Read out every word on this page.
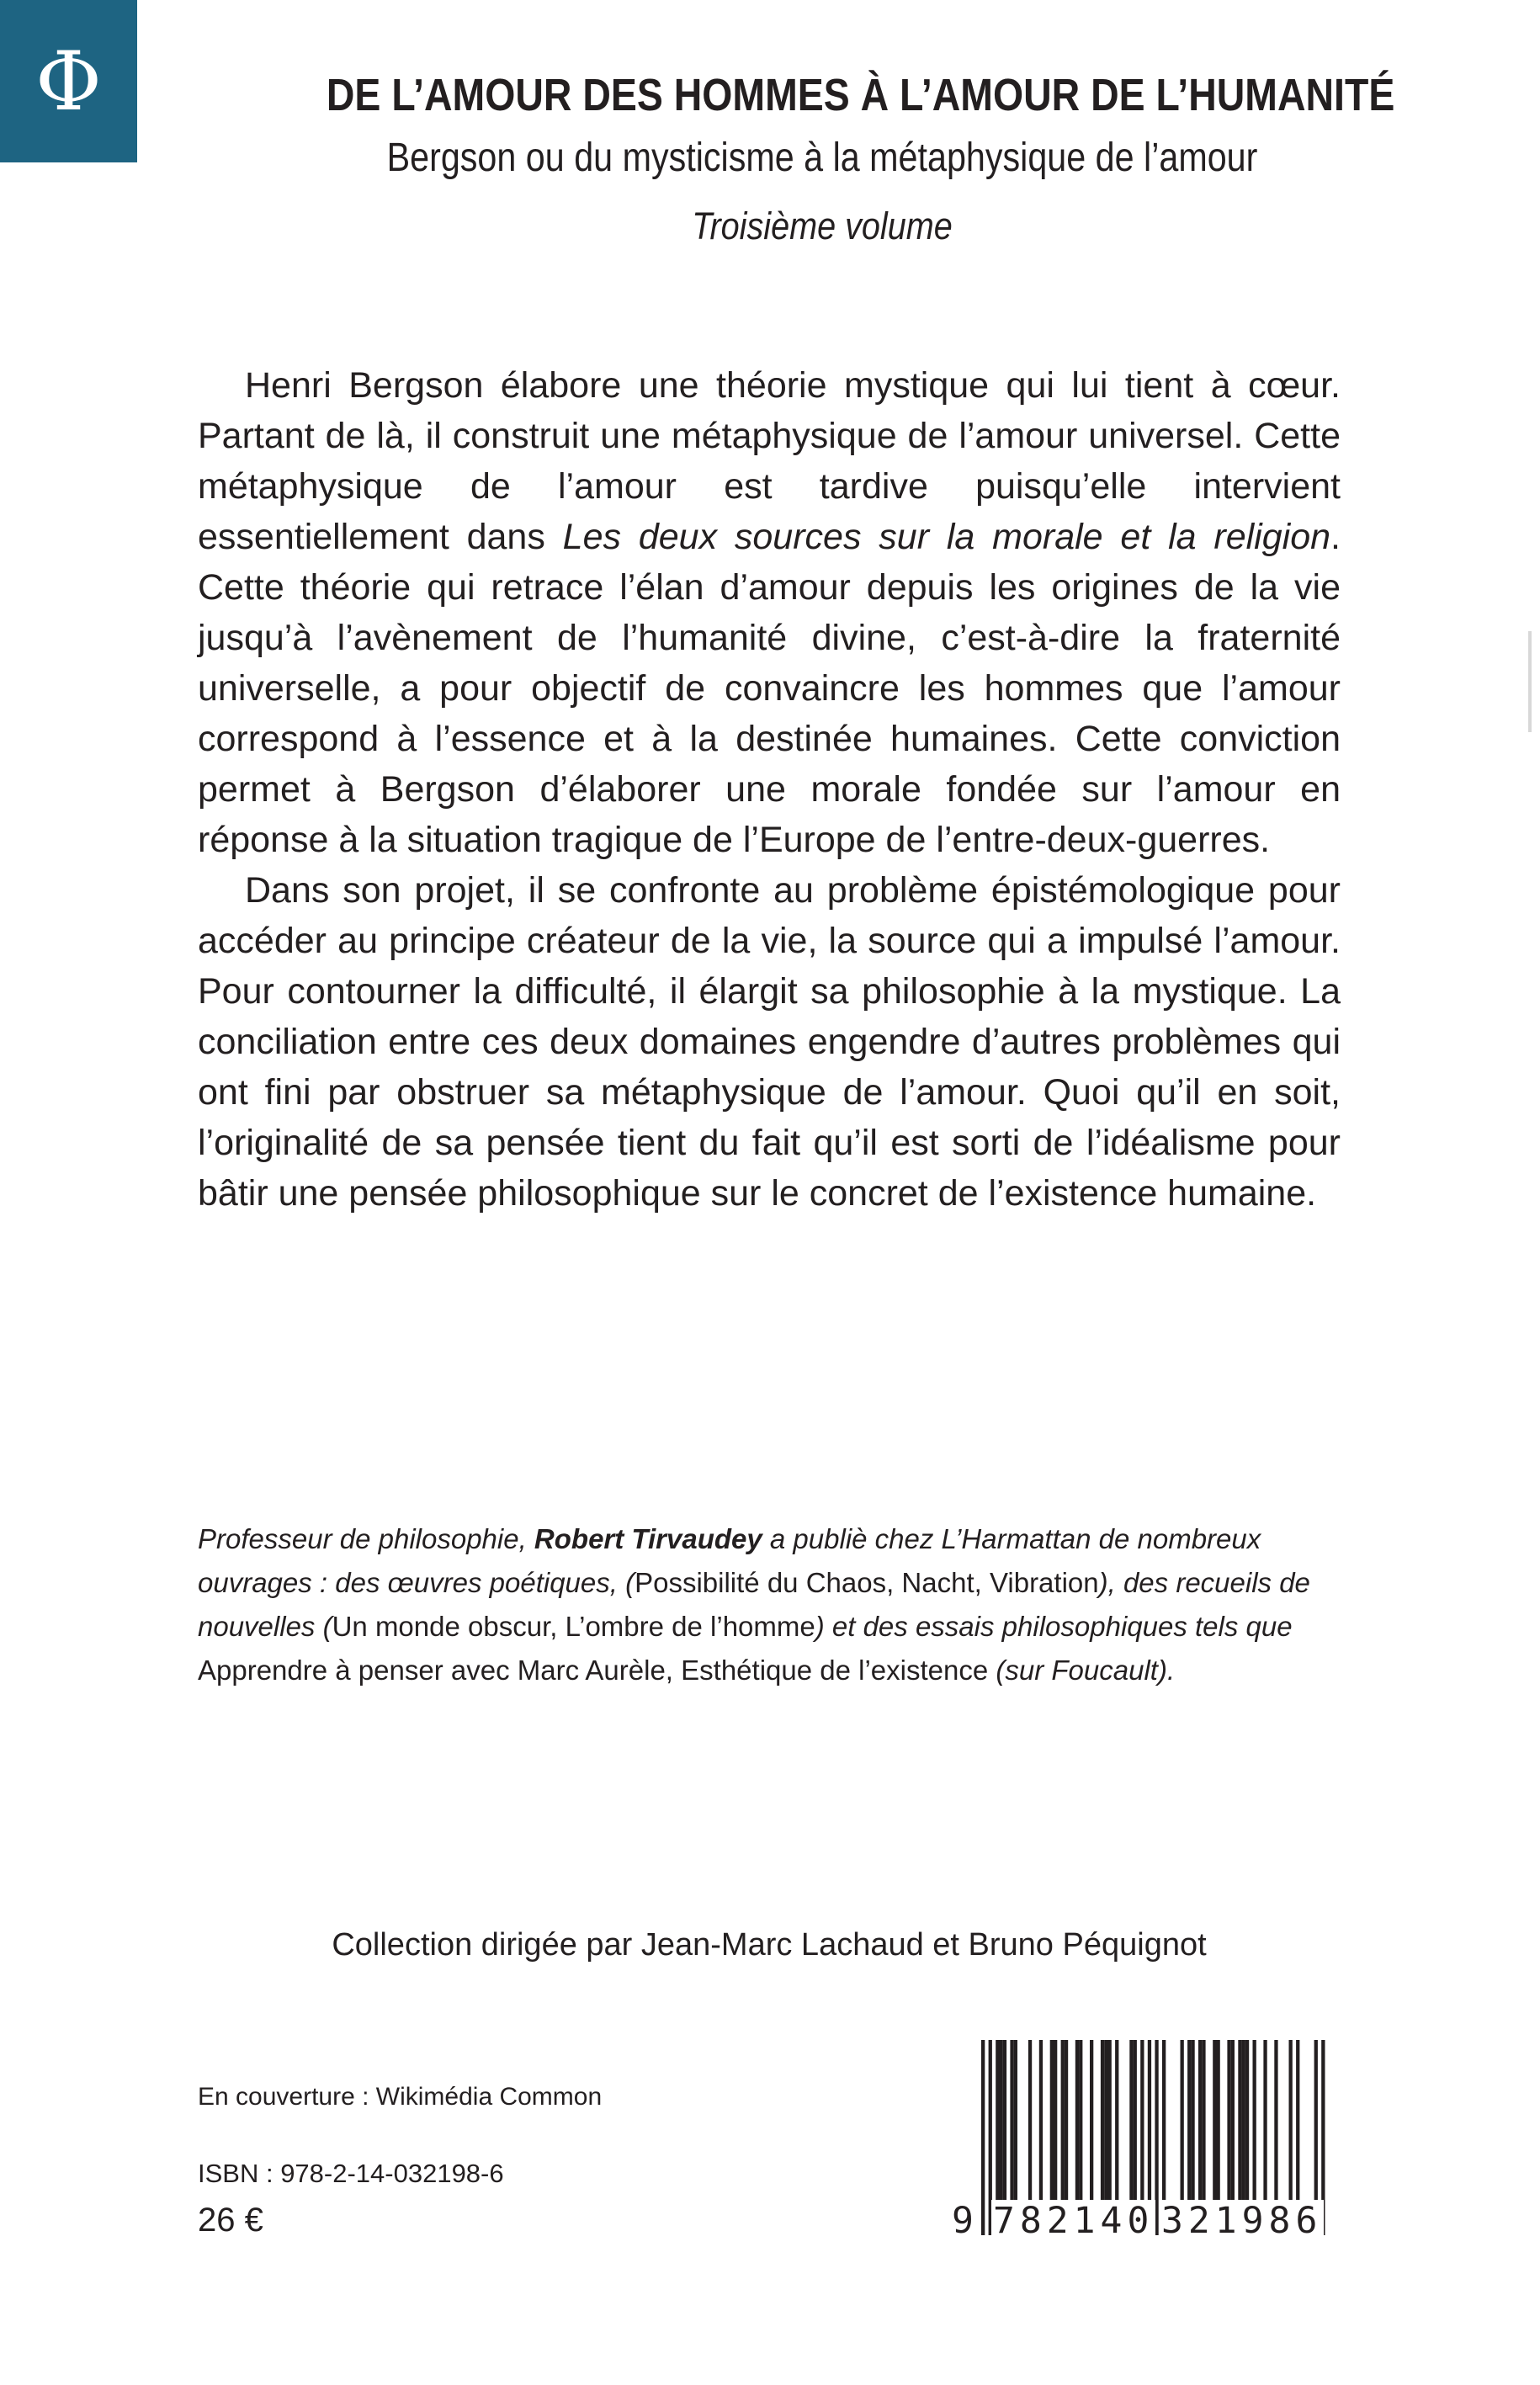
Φ	DE L’AMOUR DES HOMMES À L’AMOUR DE L’HUMANITÉ
Bergson ou du mysticisme à la métaphysique de l’amour
Troisième volume

Henri Bergson élabore une théorie mystique qui lui tient à cœur. Partant de là, il construit une métaphysique de l’amour universel. Cette métaphysique de l’amour est tardive puisqu’elle intervient essentiellement dans Les deux sources sur la morale et la religion. Cette théorie qui retrace l’élan d’amour depuis les origines de la vie jusqu’à l’avènement de l’humanité divine, c’est-à-dire la fraternité universelle, a pour objectif de convaincre les hommes que l’amour correspond à l’essence et à la destinée humaines. Cette conviction permet à Bergson d’élaborer une morale fondée sur l’amour en réponse à la situation tragique de l’Europe de l’entre-deux-guerres.

Dans son projet, il se confronte au problème épistémologique pour accéder au principe créateur de la vie, la source qui a impulsé l’amour. Pour contourner la difficulté, il élargit sa philosophie à la mystique. La conciliation entre ces deux domaines engendre d’autres problèmes qui ont fini par obstruer sa métaphysique de l’amour. Quoi qu’il en soit, l’originalité de sa pensée tient du fait qu’il est sorti de l’idéalisme pour bâtir une pensée philosophique sur le concret de l’existence humaine.

Professeur de philosophie, Robert Tirvaudey a publiè chez L’Harmattan de nombreux ouvrages : des œuvres poétiques, (Possibilité du Chaos, Nacht, Vibration), des recueils de nouvelles (Un monde obscur, L’ombre de l’homme) et des essais philosophiques tels que Apprendre à penser avec Marc Aurèle, Esthétique de l’existence (sur Foucault).

Collection dirigée par Jean-Marc Lachaud et Bruno Péquignot
En couverture : Wikimédia Common
ISBN : 978-2-14-032198-6
26 €	9 782140 321986
